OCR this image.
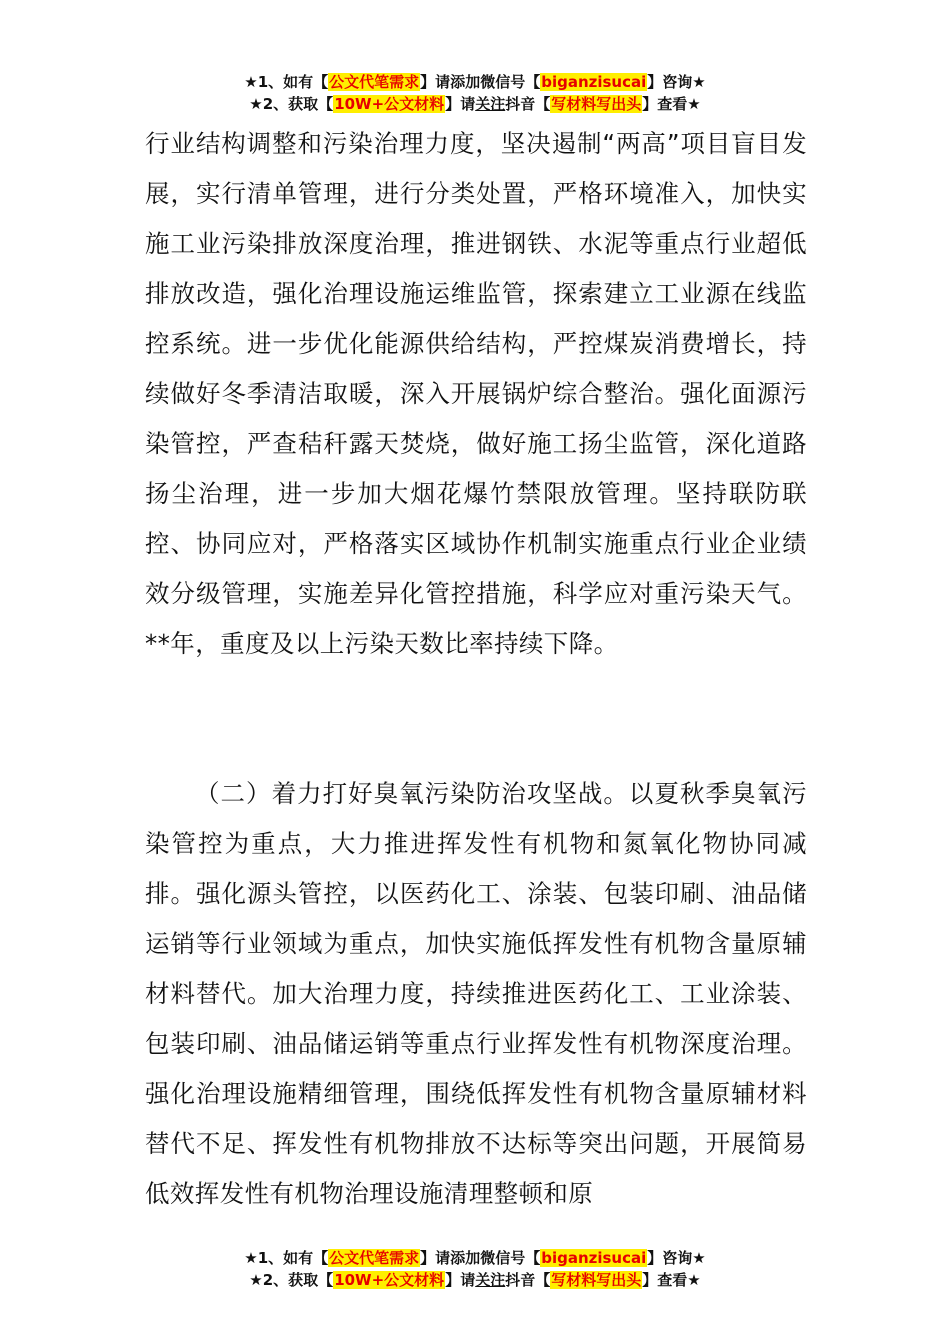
★1、如有【公文代笔需求】请添加微信号【biganzisucai】咨询★
★2、获取【10W+公文材料】请关注抖音【写材料写出头】查看★

行业结构调整和污染治理力度，坚决遏制“两高”项目盲目发展，实行清单管理，进行分类处置，严格环境准入，加快实施工业污染排放深度治理，推进钢铁、水泥等重点行业超低排放改造，强化治理设施运维监管，探索建立工业源在线监控系统。进一步优化能源供给结构，严控煤炭消费增长，持续做好冬季清洁取暖，深入开展锅炉综合整治。强化面源污染管控，严查秸秆露天焚烧，做好施工扬尘监管，深化道路扬尘治理，进一步加大烟花爆竹禁限放管理。坚持联防联控、协同应对，严格落实区域协作机制实施重点行业企业绩效分级管理，实施差异化管控措施，科学应对重污染天气。**年，重度及以上污染天数比率持续下降。

（二）着力打好臭氧污染防治攻坚战。以夏秋季臭氧污染管控为重点，大力推进挥发性有机物和氮氧化物协同减排。强化源头管控，以医药化工、涂装、包装印刷、油品储运销等行业领域为重点，加快实施低挥发性有机物含量原辅材料替代。加大治理力度，持续推进医药化工、工业涂装、包装印刷、油品储运销等重点行业挥发性有机物深度治理。强化治理设施精细管理，围绕低挥发性有机物含量原辅材料替代不足、挥发性有机物排放不达标等突出问题，开展简易低效挥发性有机物治理设施清理整顿和原

★1、如有【公文代笔需求】请添加微信号【biganzisucai】咨询★
★2、获取【10W+公文材料】请关注抖音【写材料写出头】查看★
